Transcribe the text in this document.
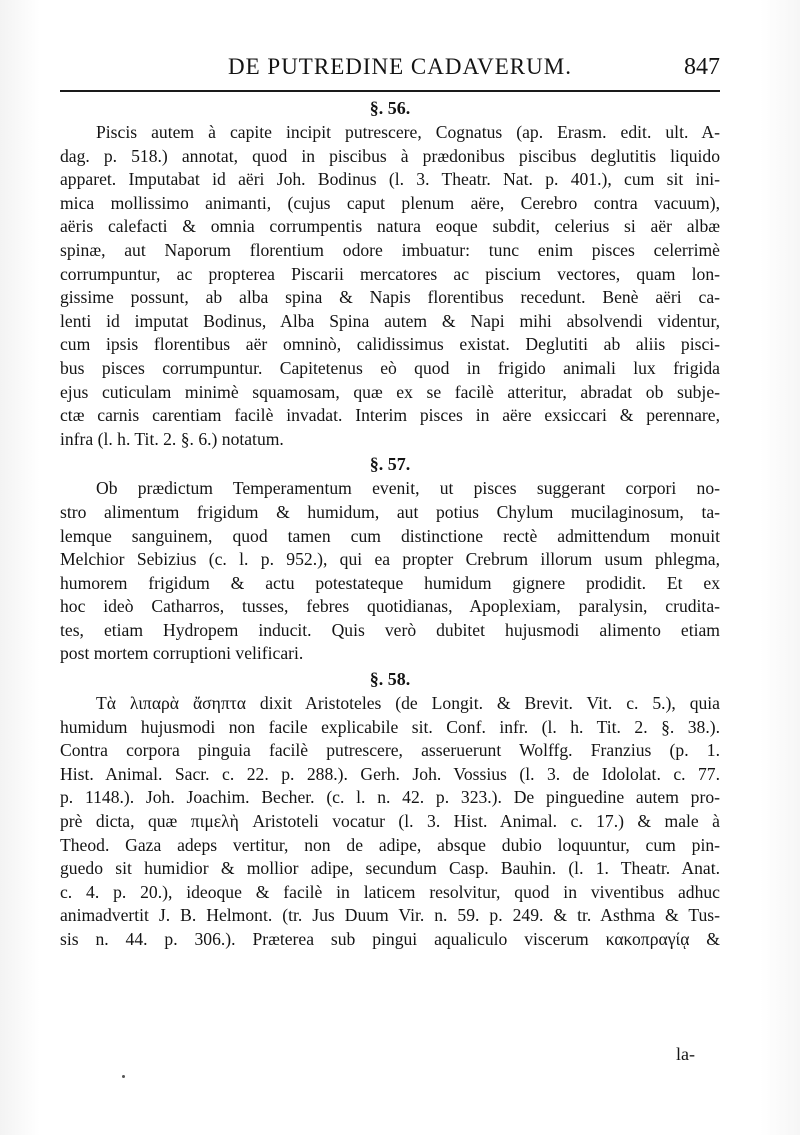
DE PUTREDINE CADAVERUM.	847
§. 56.
Piscis autem à capite incipit putrescere, Cognatus (ap. Erasm. edit. ult. A-
dag. p. 518.) annotat, quod in piscibus à prædonibus piscibus deglutitis liquido
apparet. Imputabat id aëri Joh. Bodinus (l. 3. Theatr. Nat. p. 401.), cum sit ini-
mica mollissimo animanti, (cujus caput plenum aëre, Cerebro contra vacuum),
aëris calefacti & omnia corrumpentis natura eoque subdit, celerius si aër albæ
spinæ, aut Naporum florentium odore imbuatur: tunc enim pisces celerrimè
corrumpuntur, ac propterea Piscarii mercatores ac piscium vectores, quam lon-
gissime possunt, ab alba spina & Napis florentibus recedunt. Benè aëri ca-
lenti id imputat Bodinus, Alba Spina autem & Napi mihi absolvendi videntur,
cum ipsis florentibus aër omninò, calidissimus existat. Deglutiti ab aliis pisci-
bus pisces corrumpuntur. Capitetenus eò quod in frigido animali lux frigida
ejus cuticulam minimè squamosam, quæ ex se facilè atteritur, abradat ob subje-
ctæ carnis carentiam facilè invadat. Interim pisces in aëre exsiccari & perennare,
infra (l. h. Tit. 2. §. 6.) notatum.
§. 57.
Ob prædictum Temperamentum evenit, ut pisces suggerant corpori no-
stro alimentum frigidum & humidum, aut potius Chylum mucilaginosum, ta-
lemque sanguinem, quod tamen cum distinctione rectè admittendum monuit
Melchior Sebizius (c. l. p. 952.), qui ea propter Crebrum illorum usum phlegma,
humorem frigidum & actu potestateque humidum gignere prodidit. Et ex
hoc ideò Catharros, tusses, febres quotidianas, Apoplexiam, paralysin, crudita-
tes, etiam Hydropem inducit. Quis verò dubitet hujusmodi alimento etiam
post mortem corruptioni velificari.
§. 58.
Τὰ λιπαρὰ ἄσηπτα dixit Aristoteles (de Longit. & Brevit. Vit. c. 5.), quia
humidum hujusmodi non facile explicabile sit. Conf. infr. (l. h. Tit. 2. §. 38.).
Contra corpora pinguia facilè putrescere, asseruerunt Wolffg. Franzius (p. 1.
Hist. Animal. Sacr. c. 22. p. 288.). Gerh. Joh. Vossius (l. 3. de Idololat. c. 77.
p. 1148.). Joh. Joachim. Becher. (c. l. n. 42. p. 323.). De pinguedine autem pro-
prè dicta, quæ πιμελὴ Aristoteli vocatur (l. 3. Hist. Animal. c. 17.) & male à
Theod. Gaza adeps vertitur, non de adipe, absque dubio loquuntur, cum pin-
guedo sit humidior & mollior adipe, secundum Casp. Bauhin. (l. 1. Theatr. Anat.
c. 4. p. 20.), ideoque & facilè in laticem resolvitur, quod in viventibus adhuc
animadvertit J. B. Helmont. (tr. Jus Duum Vir. n. 59. p. 249. & tr. Asthma & Tus-
sis n. 44. p. 306.). Præterea sub pingui aqualiculo viscerum κακοπραγίᾳ &
la-
